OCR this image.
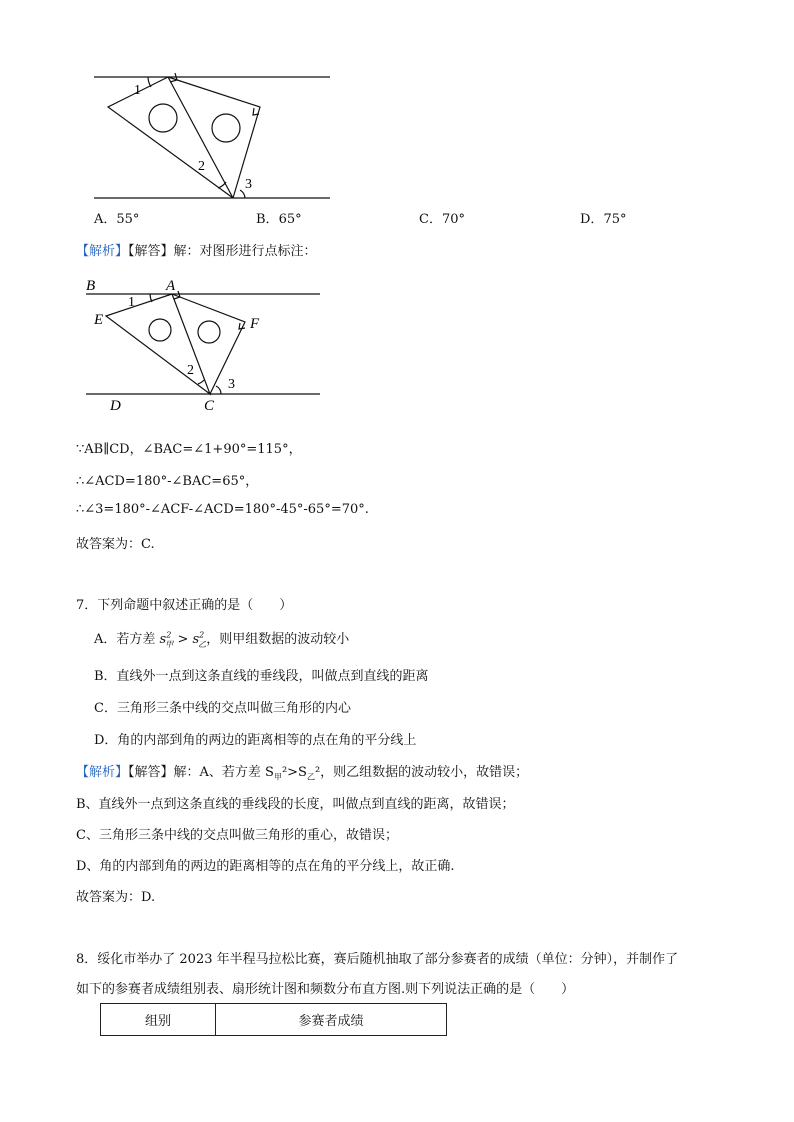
1
2
3
A．55°	B．65°	C．70°	D．75°
【解析】【解答】解：对图形进行点标注：
B	A
E	F
D	C
1
2
3
∵AB∥CD，∠BAC=∠1+90°=115°，
∴∠ACD=180°-∠BAC=65°，
∴∠3=180°-∠ACF-∠ACD=180°-45°-65°=70°.
故答案为：C.
7．下列命题中叙述正确的是（　　）
A．若方差 $s^2_甲 > s^2_乙$，则甲组数据的波动较小
B．直线外一点到这条直线的垂线段，叫做点到直线的距离
C．三角形三条中线的交点叫做三角形的内心
D．角的内部到角的两边的距离相等的点在角的平分线上
【解析】【解答】解：A、若方差 $S_甲^2>S_乙^2$，则乙组数据的波动较小，故错误；
B、直线外一点到这条直线的垂线段的长度，叫做点到直线的距离，故错误；
C、三角形三条中线的交点叫做三角形的重心，故错误；
D、角的内部到角的两边的距离相等的点在角的平分线上，故正确.
故答案为：D.
8．绥化市举办了 2023 年半程马拉松比赛，赛后随机抽取了部分参赛者的成绩（单位：分钟），并制作了
如下的参赛者成绩组别表、扇形统计图和频数分布直方图.则下列说法正确的是（　　）
组别	参赛者成绩
